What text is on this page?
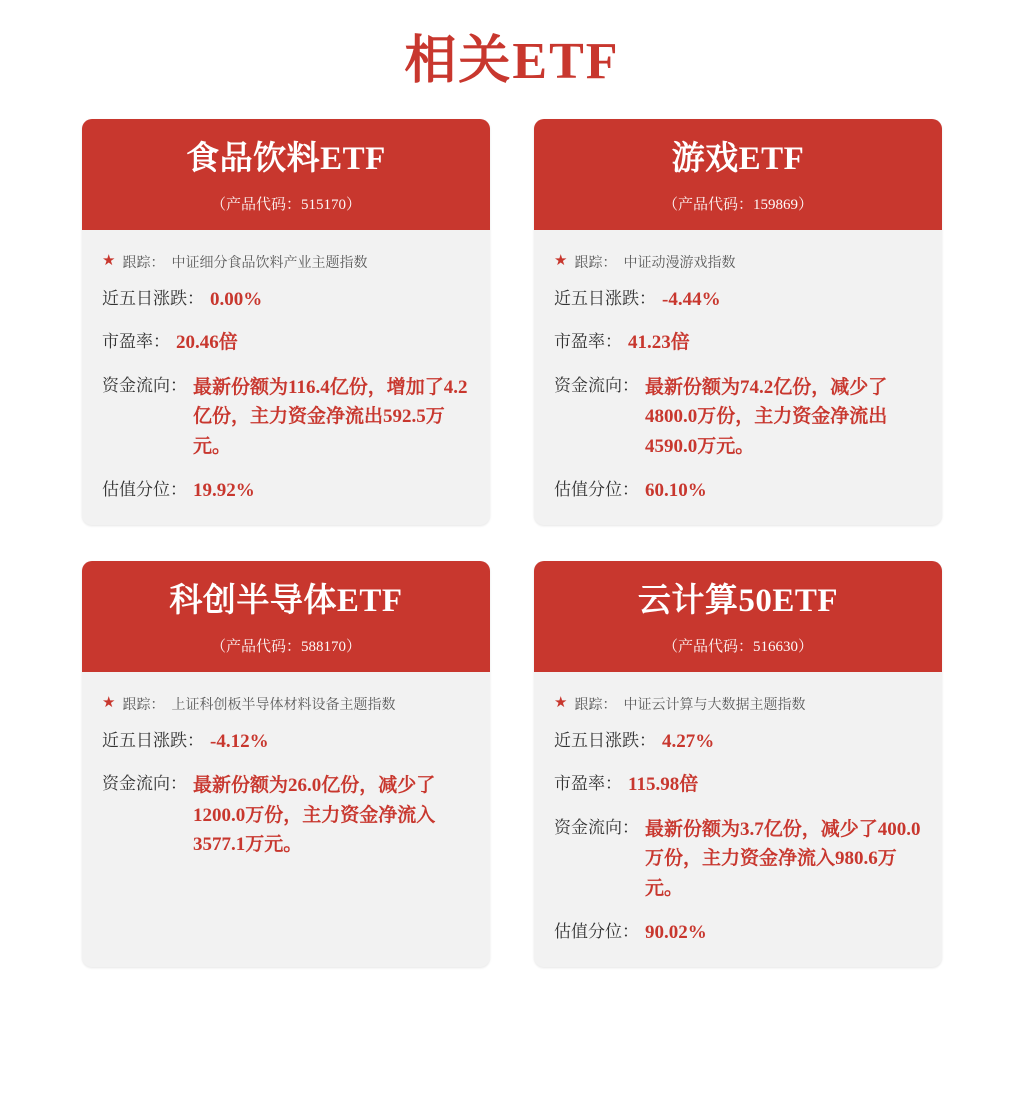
相关ETF
食品饮料ETF
（产品代码：515170）
★ 跟踪： 中证细分食品饮料产业主题指数
近五日涨跌： 0.00%
市盈率： 20.46倍
资金流向： 最新份额为116.4亿份，增加了4.2亿份，主力资金净流出592.5万元。
估值分位： 19.92%
游戏ETF
（产品代码：159869）
★ 跟踪： 中证动漫游戏指数
近五日涨跌： -4.44%
市盈率： 41.23倍
资金流向： 最新份额为74.2亿份，减少了4800.0万份，主力资金净流出4590.0万元。
估值分位： 60.10%
科创半导体ETF
（产品代码：588170）
★ 跟踪： 上证科创板半导体材料设备主题指数
近五日涨跌： -4.12%
资金流向： 最新份额为26.0亿份，减少了1200.0万份，主力资金净流入3577.1万元。
云计算50ETF
（产品代码：516630）
★ 跟踪： 中证云计算与大数据主题指数
近五日涨跌： 4.27%
市盈率： 115.98倍
资金流向： 最新份额为3.7亿份，减少了400.0万份，主力资金净流入980.6万元。
估值分位： 90.02%
